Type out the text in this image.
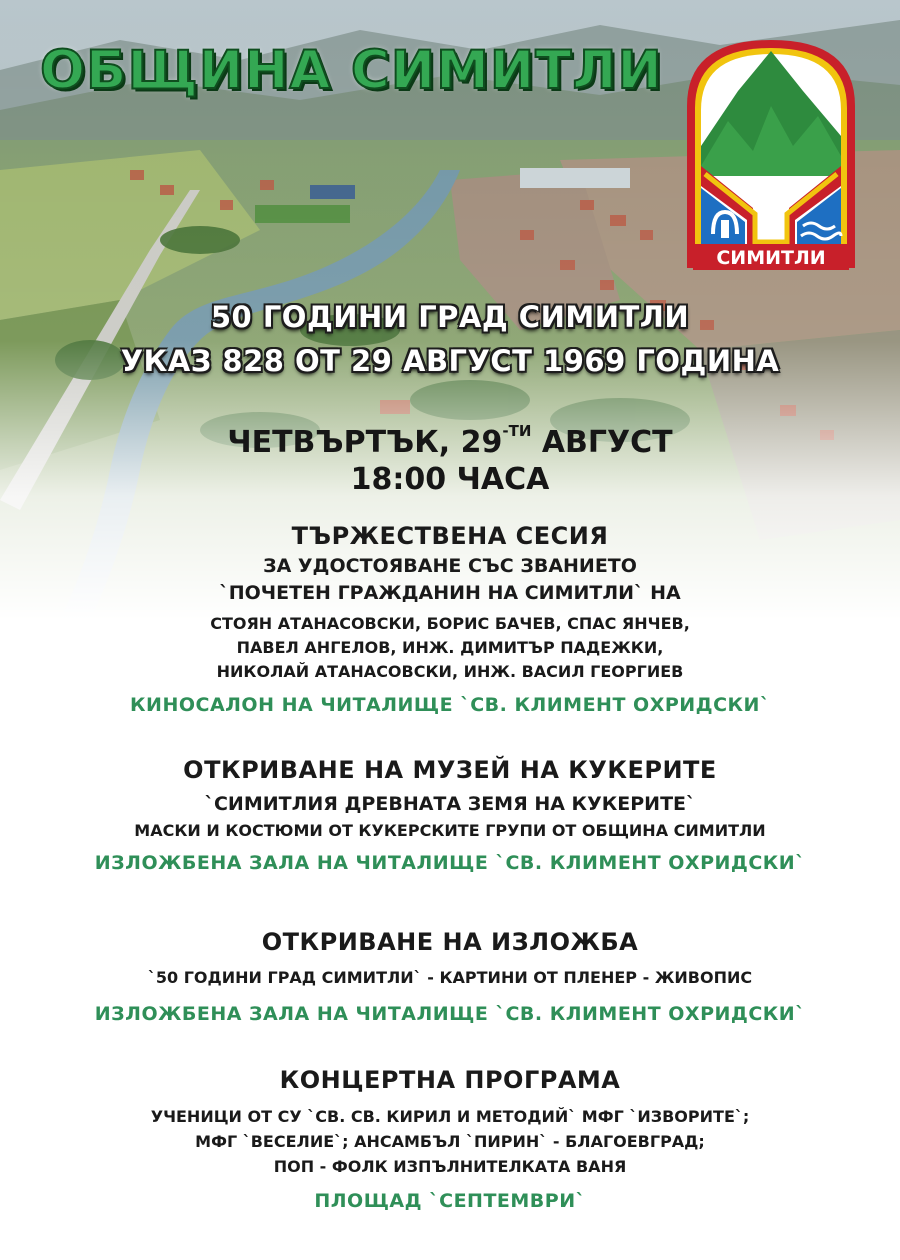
ОБЩИНА СИМИТЛИ
СИМИТЛИ
50 ГОДИНИ ГРАД СИМИТЛИ
УКАЗ 828 ОТ 29 АВГУСТ 1969 ГОДИНА
ЧЕТВЪРТЪК, $29^{-ТИ}$ АВГУСТ
18:00 ЧАСА
ТЪРЖЕСТВЕНА СЕСИЯ
ЗА УДОСТОЯВАНЕ СЪС ЗВАНИЕТО
`ПОЧЕТЕН ГРАЖДАНИН НА СИМИТЛИ` НА
СТОЯН АТАНАСОВСКИ, БОРИС БАЧЕВ, СПАС ЯНЧЕВ,
ПАВЕЛ АНГЕЛОВ, ИНЖ. ДИМИТЪР ПАДЕЖКИ,
НИКОЛАЙ АТАНАСОВСКИ, ИНЖ. ВАСИЛ ГЕОРГИЕВ
КИНОСАЛОН НА ЧИТАЛИЩЕ `СВ. КЛИМЕНТ ОХРИДСКИ`
ОТКРИВАНЕ НА МУЗЕЙ НА КУКЕРИТЕ
`СИМИТЛИЯ ДРЕВНАТА ЗЕМЯ НА КУКЕРИТЕ`
МАСКИ И КОСТЮМИ ОТ КУКЕРСКИТЕ ГРУПИ ОТ ОБЩИНА СИМИТЛИ
ИЗЛОЖБЕНА ЗАЛА НА ЧИТАЛИЩЕ `СВ. КЛИМЕНТ ОХРИДСКИ`
ОТКРИВАНЕ НА ИЗЛОЖБА
`50 ГОДИНИ ГРАД СИМИТЛИ` - КАРТИНИ ОТ ПЛЕНЕР - ЖИВОПИС
ИЗЛОЖБЕНА ЗАЛА НА ЧИТАЛИЩЕ `СВ. КЛИМЕНТ ОХРИДСКИ`
КОНЦЕРТНА ПРОГРАМА
УЧЕНИЦИ ОТ СУ `СВ. СВ. КИРИЛ И МЕТОДИЙ` МФГ `ИЗВОРИТЕ`;
МФГ `ВЕСЕЛИЕ`; АНСАМБЪЛ `ПИРИН` - БЛАГОЕВГРАД;
ПОП - ФОЛК ИЗПЪЛНИТЕЛКАТА ВАНЯ
ПЛОЩАД `СЕПТЕМВРИ`
